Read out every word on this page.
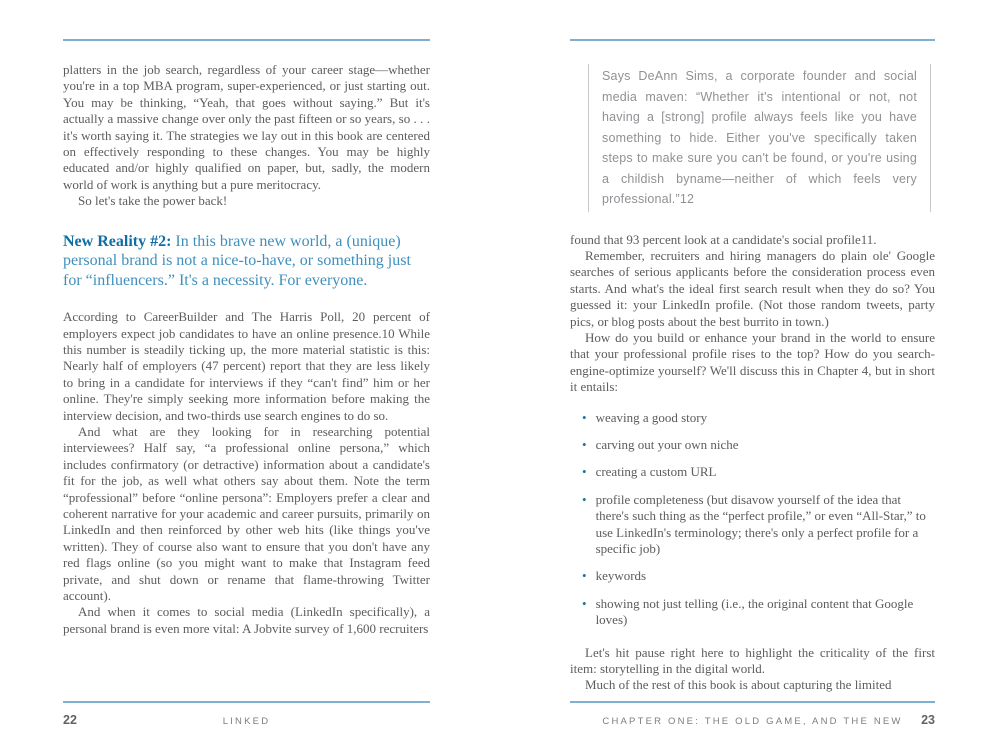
platters in the job search, regardless of your career stage—whether you're in a top MBA program, super-experienced, or just starting out. You may be thinking, “Yeah, that goes without saying.” But it's actually a massive change over only the past fifteen or so years, so . . . it's worth saying it. The strategies we lay out in this book are centered on effectively responding to these changes. You may be highly educated and/or highly qualified on paper, but, sadly, the modern world of work is anything but a pure meritocracy.

So let's take the power back!

New Reality #2: In this brave new world, a (unique) personal brand is not a nice-to-have, or something just for “influencers.” It's a necessity. For everyone.

According to CareerBuilder and The Harris Poll, 20 percent of employers expect job candidates to have an online presence.10 While this number is steadily ticking up, the more material statistic is this: Nearly half of employers (47 percent) report that they are less likely to bring in a candidate for interviews if they “can't find” him or her online. They're simply seeking more information before making the interview decision, and two-thirds use search engines to do so.

And what are they looking for in researching potential interviewees? Half say, “a professional online persona,” which includes confirmatory (or detractive) information about a candidate's fit for the job, as well what others say about them. Note the term “professional” before “online persona”: Employers prefer a clear and coherent narrative for your academic and career pursuits, primarily on LinkedIn and then reinforced by other web hits (like things you've written). They of course also want to ensure that you don't have any red flags online (so you might want to make that Instagram feed private, and shut down or rename that flame-throwing Twitter account).

And when it comes to social media (LinkedIn specifically), a personal brand is even more vital: A Jobvite survey of 1,600 recruiters

22	LINKED
Says DeAnn Sims, a corporate founder and social media maven: “Whether it's intentional or not, not having a [strong] profile always feels like you have something to hide. Either you've specifically taken steps to make sure you can't be found, or you're using a childish byname—neither of which feels very professional.”12

found that 93 percent look at a candidate's social profile11.

Remember, recruiters and hiring managers do plain ole' Google searches of serious applicants before the consideration process even starts. And what's the ideal first search result when they do so? You guessed it: your LinkedIn profile. (Not those random tweets, party pics, or blog posts about the best burrito in town.)

How do you build or enhance your brand in the world to ensure that your professional profile rises to the top? How do you search-engine-optimize yourself? We'll discuss this in Chapter 4, but in short it entails:

• weaving a good story
• carving out your own niche
• creating a custom URL
• profile completeness (but disavow yourself of the idea that there's such thing as the “perfect profile,” or even “All-Star,” to use LinkedIn's terminology; there's only a perfect profile for a specific job)
• keywords
• showing not just telling (i.e., the original content that Google loves)

Let's hit pause right here to highlight the criticality of the first item: storytelling in the digital world.

Much of the rest of this book is about capturing the limited

CHAPTER ONE: THE OLD GAME, AND THE NEW 23
